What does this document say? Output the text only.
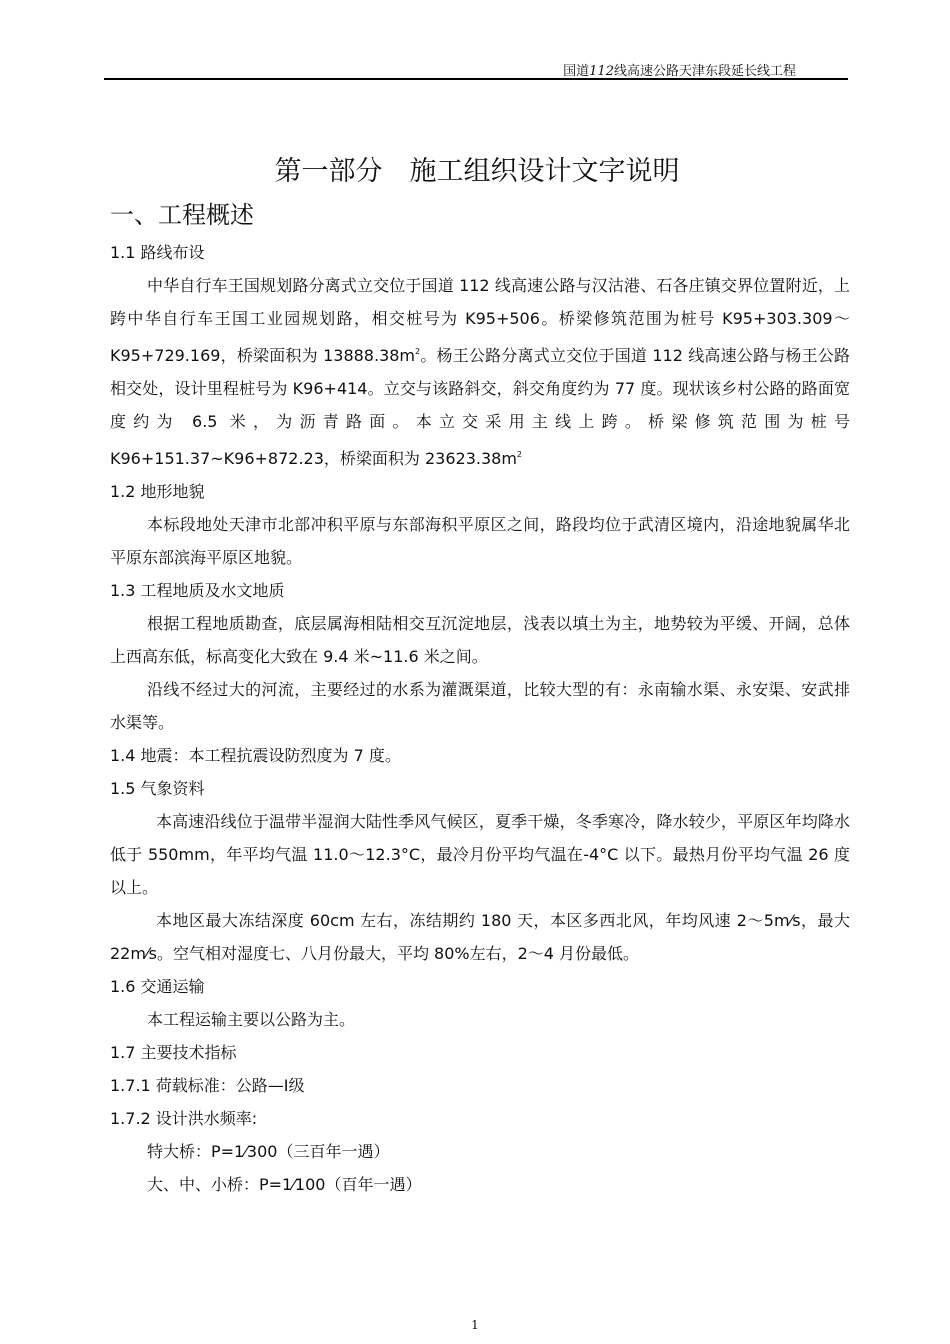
国道112线高速公路天津东段延长线工程
第一部分　施工组织设计文字说明
一、工程概述
1.1 路线布设

中华自行车王国规划路分离式立交位于国道 112 线高速公路与汉沽港、石各庄镇交界位置附近，上跨中华自行车王国工业园规划路，相交桩号为 K95+506。桥梁修筑范围为桩号 K95+303.309～K95+729.169，桥梁面积为 $13888.38m^2$。杨王公路分离式立交位于国道 112 线高速公路与杨王公路相交处，设计里程桩号为 K96+414。立交与该路斜交，斜交角度约为 77 度。现状该乡村公路的路面宽度约为 6.5 米，为沥青路面。本立交采用主线上跨。桥梁修筑范围为桩号 K96+151.37~K96+872.23，桥梁面积为 $23623.38m^2$

1.2 地形地貌

本标段地处天津市北部冲积平原与东部海积平原区之间，路段均位于武清区境内，沿途地貌属华北平原东部滨海平原区地貌。

1.3 工程地质及水文地质

根据工程地质勘查，底层属海相陆相交互沉淀地层，浅表以填土为主，地势较为平缓、开阔，总体上西高东低，标高变化大致在 9.4 米~11.6 米之间。

沿线不经过大的河流，主要经过的水系为灌溉渠道，比较大型的有：永南输水渠、永安渠、安武排水渠等。

1.4 地震：本工程抗震设防烈度为 7 度。
1.5 气象资料

本高速沿线位于温带半湿润大陆性季风气候区，夏季干燥，冬季寒冷，降水较少，平原区年均降水低于 550mm，年平均气温 11.0～12.3°C，最冷月份平均气温在-4°C 以下。最热月份平均气温 26 度以上。

本地区最大冻结深度 60cm 左右，冻结期约 180 天，本区多西北风，年均风速 2～5m⁄s，最大 22m⁄s。空气相对湿度七、八月份最大，平均 80%左右，2～4 月份最低。

1.6 交通运输

本工程运输主要以公路为主。

1.7 主要技术指标
1.7.1 荷载标准：公路—Ⅰ级
1.7.2 设计洪水频率:
特大桥：P=1⁄300（三百年一遇）
大、中、小桥：P=1⁄100（百年一遇）
1
